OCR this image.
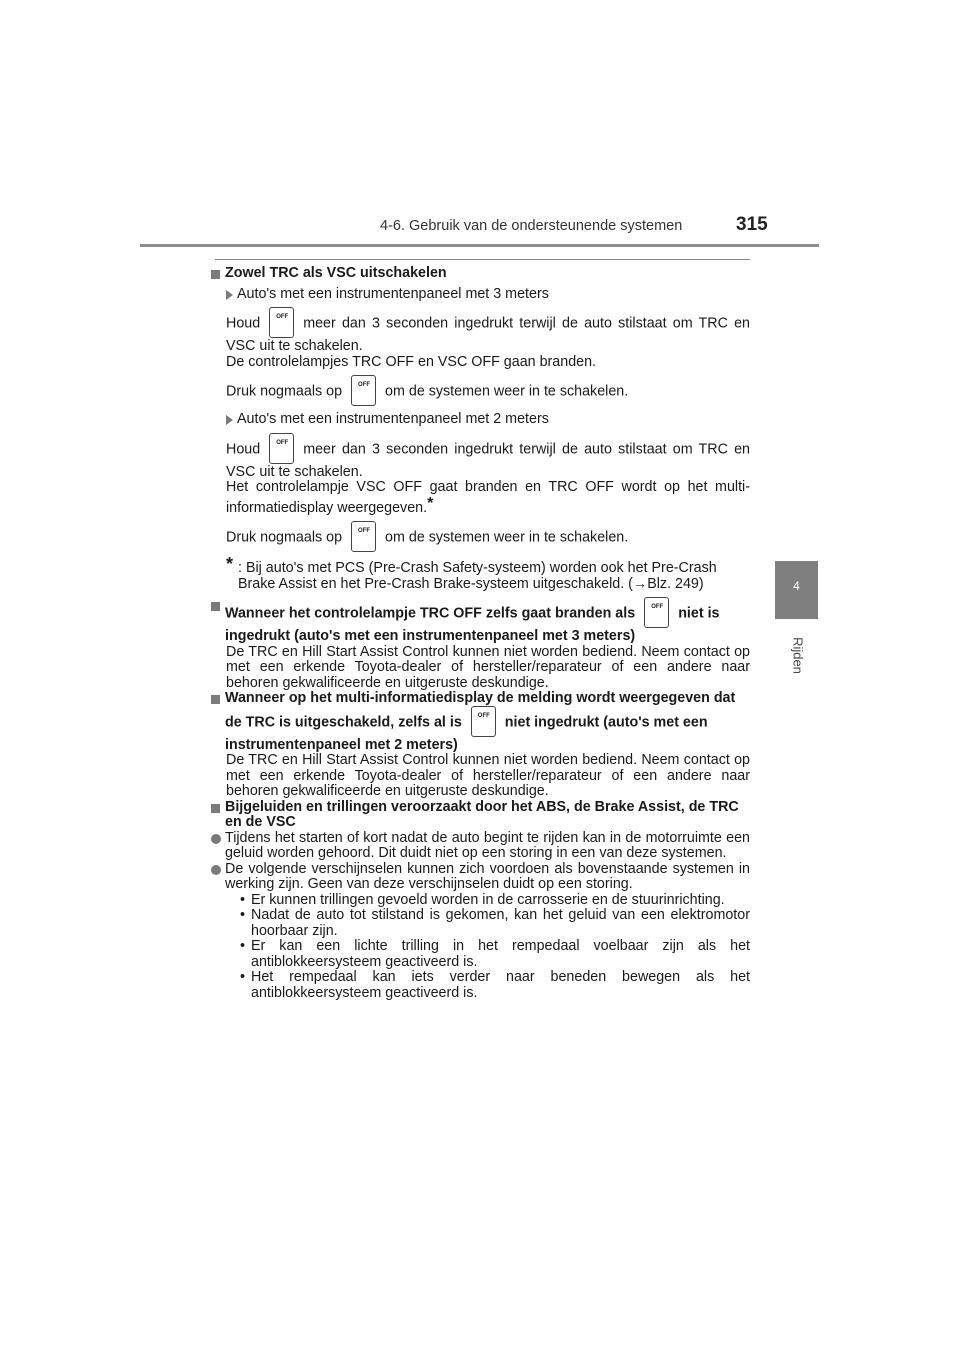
4-6. Gebruik van de ondersteunende systemen	315
4
Rijden

Zowel TRC als VSC uitschakelen

Auto's met een instrumentenpaneel met 3 meters

Houd	OFF meer dan 3 seconden ingedrukt terwijl de auto stilstaat om TRC en VSC uit te schakelen.

De controlelampjes TRC OFF en VSC OFF gaan branden.

Druk nogmaals op	OFF om de systemen weer in te schakelen.

Auto's met een instrumentenpaneel met 2 meters

Houd	OFF meer dan 3 seconden ingedrukt terwijl de auto stilstaat om TRC en VSC uit te schakelen.

Het controlelampje VSC OFF gaat branden en TRC OFF wordt op het multi-informatiedisplay weergegeven.*

Druk nogmaals op	OFF om de systemen weer in te schakelen.

* : Bij auto's met PCS (Pre-Crash Safety-systeem) worden ook het Pre-Crash Brake Assist en het Pre-Crash Brake-systeem uitgeschakeld. (→Blz. 249)

Wanneer het controlelampje TRC OFF zelfs gaat branden als	OFF niet is ingedrukt (auto's met een instrumentenpaneel met 3 meters)

De TRC en Hill Start Assist Control kunnen niet worden bediend. Neem contact op met een erkende Toyota-dealer of hersteller/reparateur of een andere naar behoren gekwalificeerde en uitgeruste deskundige.

Wanneer op het multi-informatiedisplay de melding wordt weergegeven dat de TRC is uitgeschakeld, zelfs al is	OFF niet ingedrukt (auto's met een instrumentenpaneel met 2 meters)

De TRC en Hill Start Assist Control kunnen niet worden bediend. Neem contact op met een erkende Toyota-dealer of hersteller/reparateur of een andere naar behoren gekwalificeerde en uitgeruste deskundige.

Bijgeluiden en trillingen veroorzaakt door het ABS, de Brake Assist, de TRC en de VSC

Tijdens het starten of kort nadat de auto begint te rijden kan in de motorruimte een geluid worden gehoord. Dit duidt niet op een storing in een van deze systemen.

De volgende verschijnselen kunnen zich voordoen als bovenstaande systemen in werking zijn. Geen van deze verschijnselen duidt op een storing.

• Er kunnen trillingen gevoeld worden in de carrosserie en de stuurinrichting.

• Nadat de auto tot stilstand is gekomen, kan het geluid van een elektromotor hoorbaar zijn.

• Er kan een lichte trilling in het rempedaal voelbaar zijn als het antiblokkeersysteem geactiveerd is.

• Het rempedaal kan iets verder naar beneden bewegen als het antiblokkeersysteem geactiveerd is.
